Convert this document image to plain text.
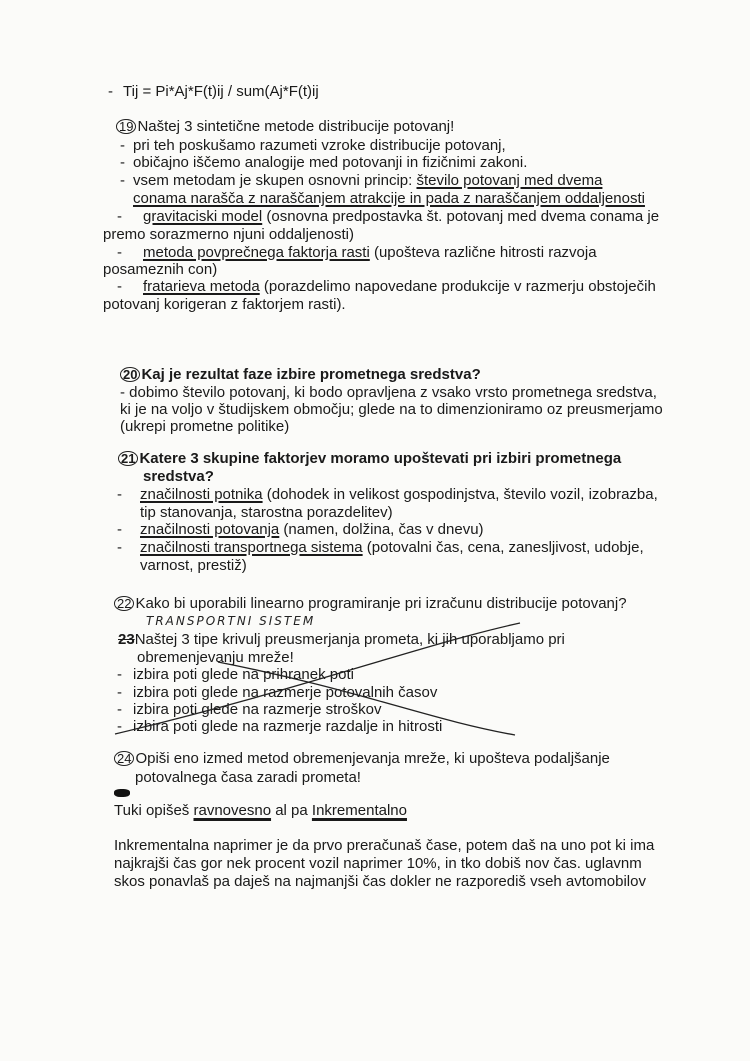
- Tij = Pi*Aj*F(t)ij / sum(Aj*F(t)ij
19 Naštej 3 sintetične metode distribucije potovanj!
- pri teh poskušamo razumeti vzroke distribucije potovanj,
- običajno iščemo analogije med potovanji in fizičnimi zakoni.
- vsem metodam je skupen osnovni princip: število potovanj med dvema
conama narašča z naraščanjem atrakcije in pada z naraščanjem oddaljenosti
- gravitaciski model (osnovna predpostavka št. potovanj med dvema conama je
premo sorazmerno njuni oddaljenosti)
- metoda povprečnega faktorja rasti (upošteva različne hitrosti razvoja
posameznih con)
- fratarieva metoda (porazdelimo napovedane produkcije v razmerju obstoječih
potovanj korigeran z faktorjem rasti).
20 Kaj je rezultat faze izbire prometnega sredstva?
- dobimo število potovanj, ki bodo opravljena z vsako vrsto prometnega sredstva,
ki je na voljo v študijskem območju; glede na to dimenzioniramo oz preusmerjamo
(ukrepi prometne politike)
21 Katere 3 skupine faktorjev moramo upoštevati pri izbiri prometnega
sredstva?
- značilnosti potnika (dohodek in velikost gospodinjstva, število vozil, izobrazba,
tip stanovanja, starostna porazdelitev)
- značilnosti potovanja (namen, dolžina, čas v dnevu)
- značilnosti transportnega sistema (potovalni čas, cena, zanesljivost, udobje,
varnost, prestiž)
22 Kako bi uporabili linearno programiranje pri izračunu distribucije potovanj?
TRANSPORTNI SISTEM
23Naštej 3 tipe krivulj preusmerjanja prometa, ki jih uporabljamo pri
obremenjevanju mreže!
- izbira poti glede na prihranek poti
- izbira poti glede na razmerje potovalnih časov
- izbira poti glede na razmerje stroškov
- izbira poti glede na razmerje razdalje in hitrosti
24 Opiši eno izmed metod obremenjevanja mreže, ki upošteva podaljšanje
potovalnega časa zaradi prometa!
Tuki opišeš ravnovesno al pa Inkrementalno
Inkrementalna naprimer je da prvo preračunaš čase, potem daš na uno pot ki ima
najkrajši čas gor nek procent vozil naprimer 10%, in tko dobiš nov čas. uglavnm
skos ponavlaš pa daješ na najmanjši čas dokler ne razporediš vseh avtomobilov
